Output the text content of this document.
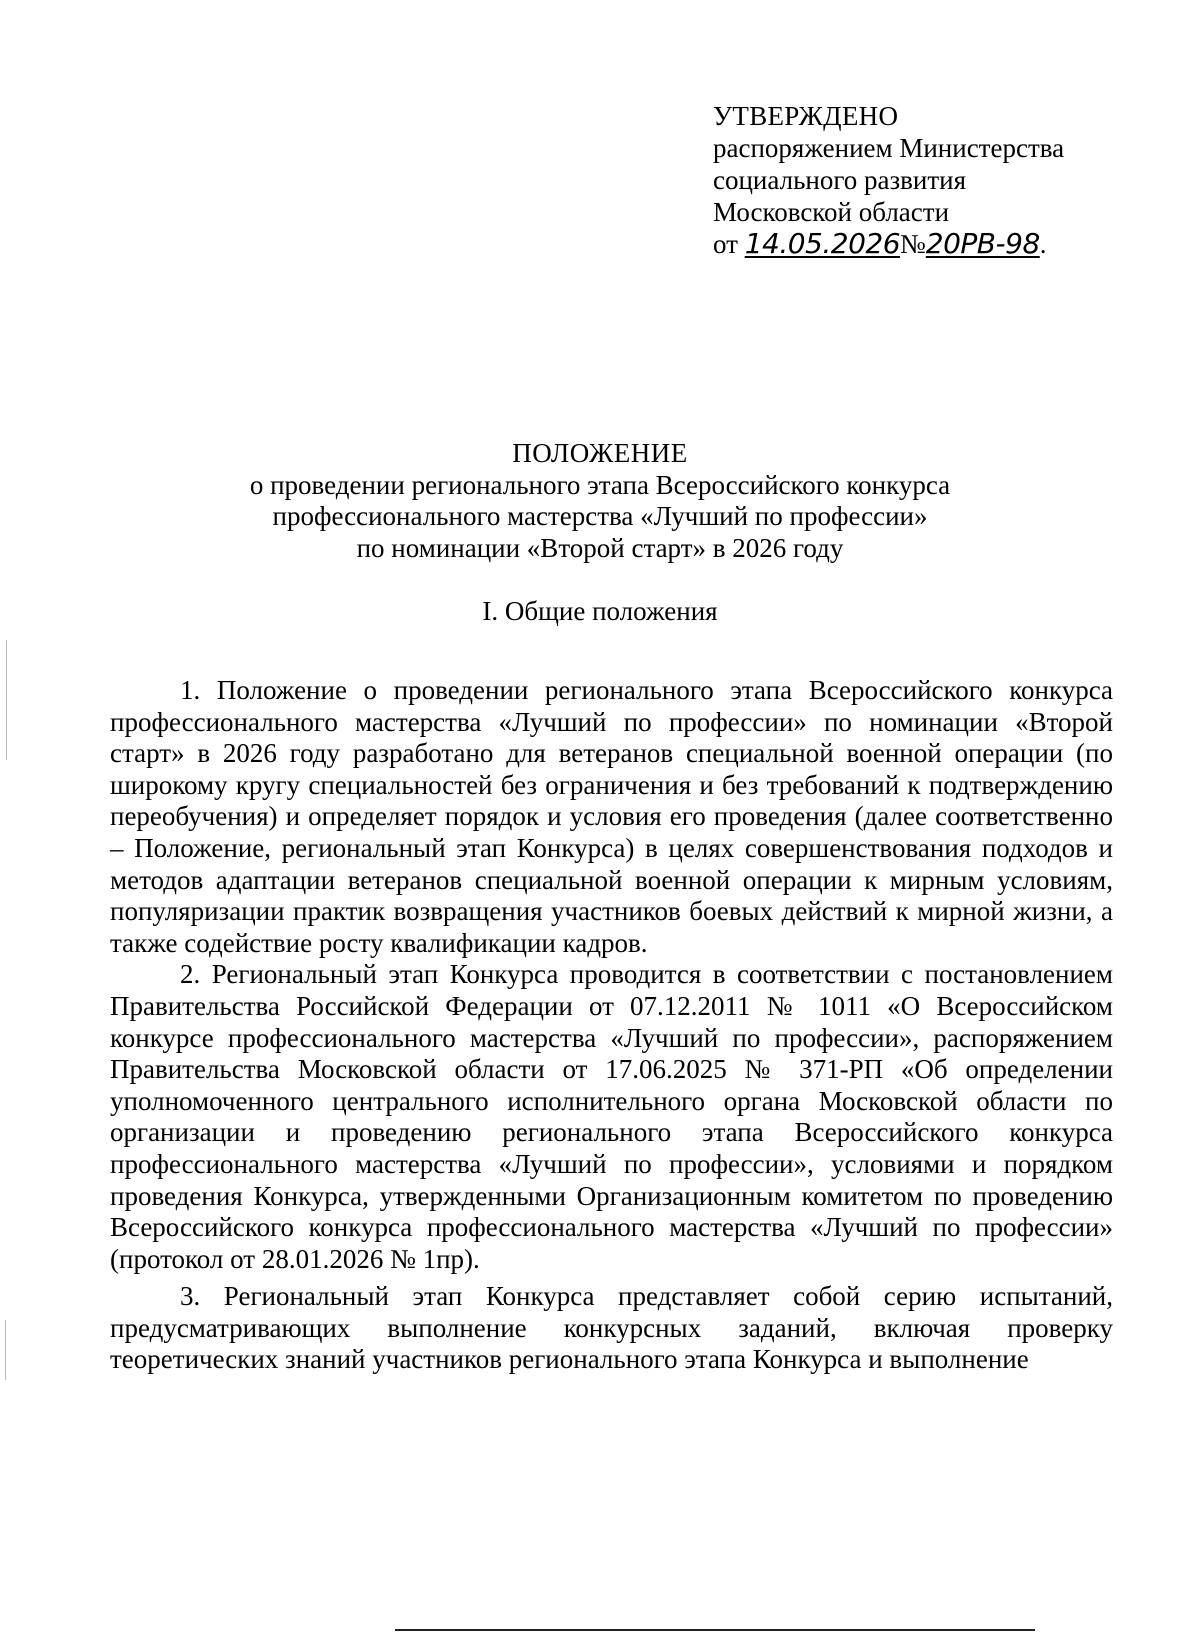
УТВЕРЖДЕНО
распоряжением Министерства
социального развития
Московской области
от 14.05.2026№20РВ-98.
ПОЛОЖЕНИЕ
о проведении регионального этапа Всероссийского конкурса
профессионального мастерства «Лучший по профессии»
по номинации «Второй старт» в 2026 году
I. Общие положения

1. Положение о проведении регионального этапа Всероссийского конкурса профессионального мастерства «Лучший по профессии» по номинации «Второй старт» в 2026 году разработано для ветеранов специальной военной операции (по широкому кругу специальностей без ограничения и без требований к подтверждению переобучения) и определяет порядок и условия его проведения (далее соответственно – Положение, региональный этап Конкурса) в целях совершенствования подходов и методов адаптации ветеранов специальной военной операции к мирным условиям, популяризации практик возвращения участников боевых действий к мирной жизни, а также содействие росту квалификации кадров.

2. Региональный этап Конкурса проводится в соответствии с постановлением Правительства Российской Федерации от 07.12.2011 № 1011 «О Всероссийском конкурсе профессионального мастерства «Лучший по профессии», распоряжением Правительства Московской области от 17.06.2025 № 371-РП «Об определении уполномоченного центрального исполнительного органа Московской области по организации и проведению регионального этапа Всероссийского конкурса профессионального мастерства «Лучший по профессии», условиями и порядком проведения Конкурса, утвержденными Организационным комитетом по проведению Всероссийского конкурса профессионального мастерства «Лучший по профессии» (протокол от 28.01.2026 № 1пр).

3. Региональный этап Конкурса представляет собой серию испытаний, предусматривающих выполнение конкурсных заданий, включая проверку теоретических знаний участников регионального этапа Конкурса и выполнение
